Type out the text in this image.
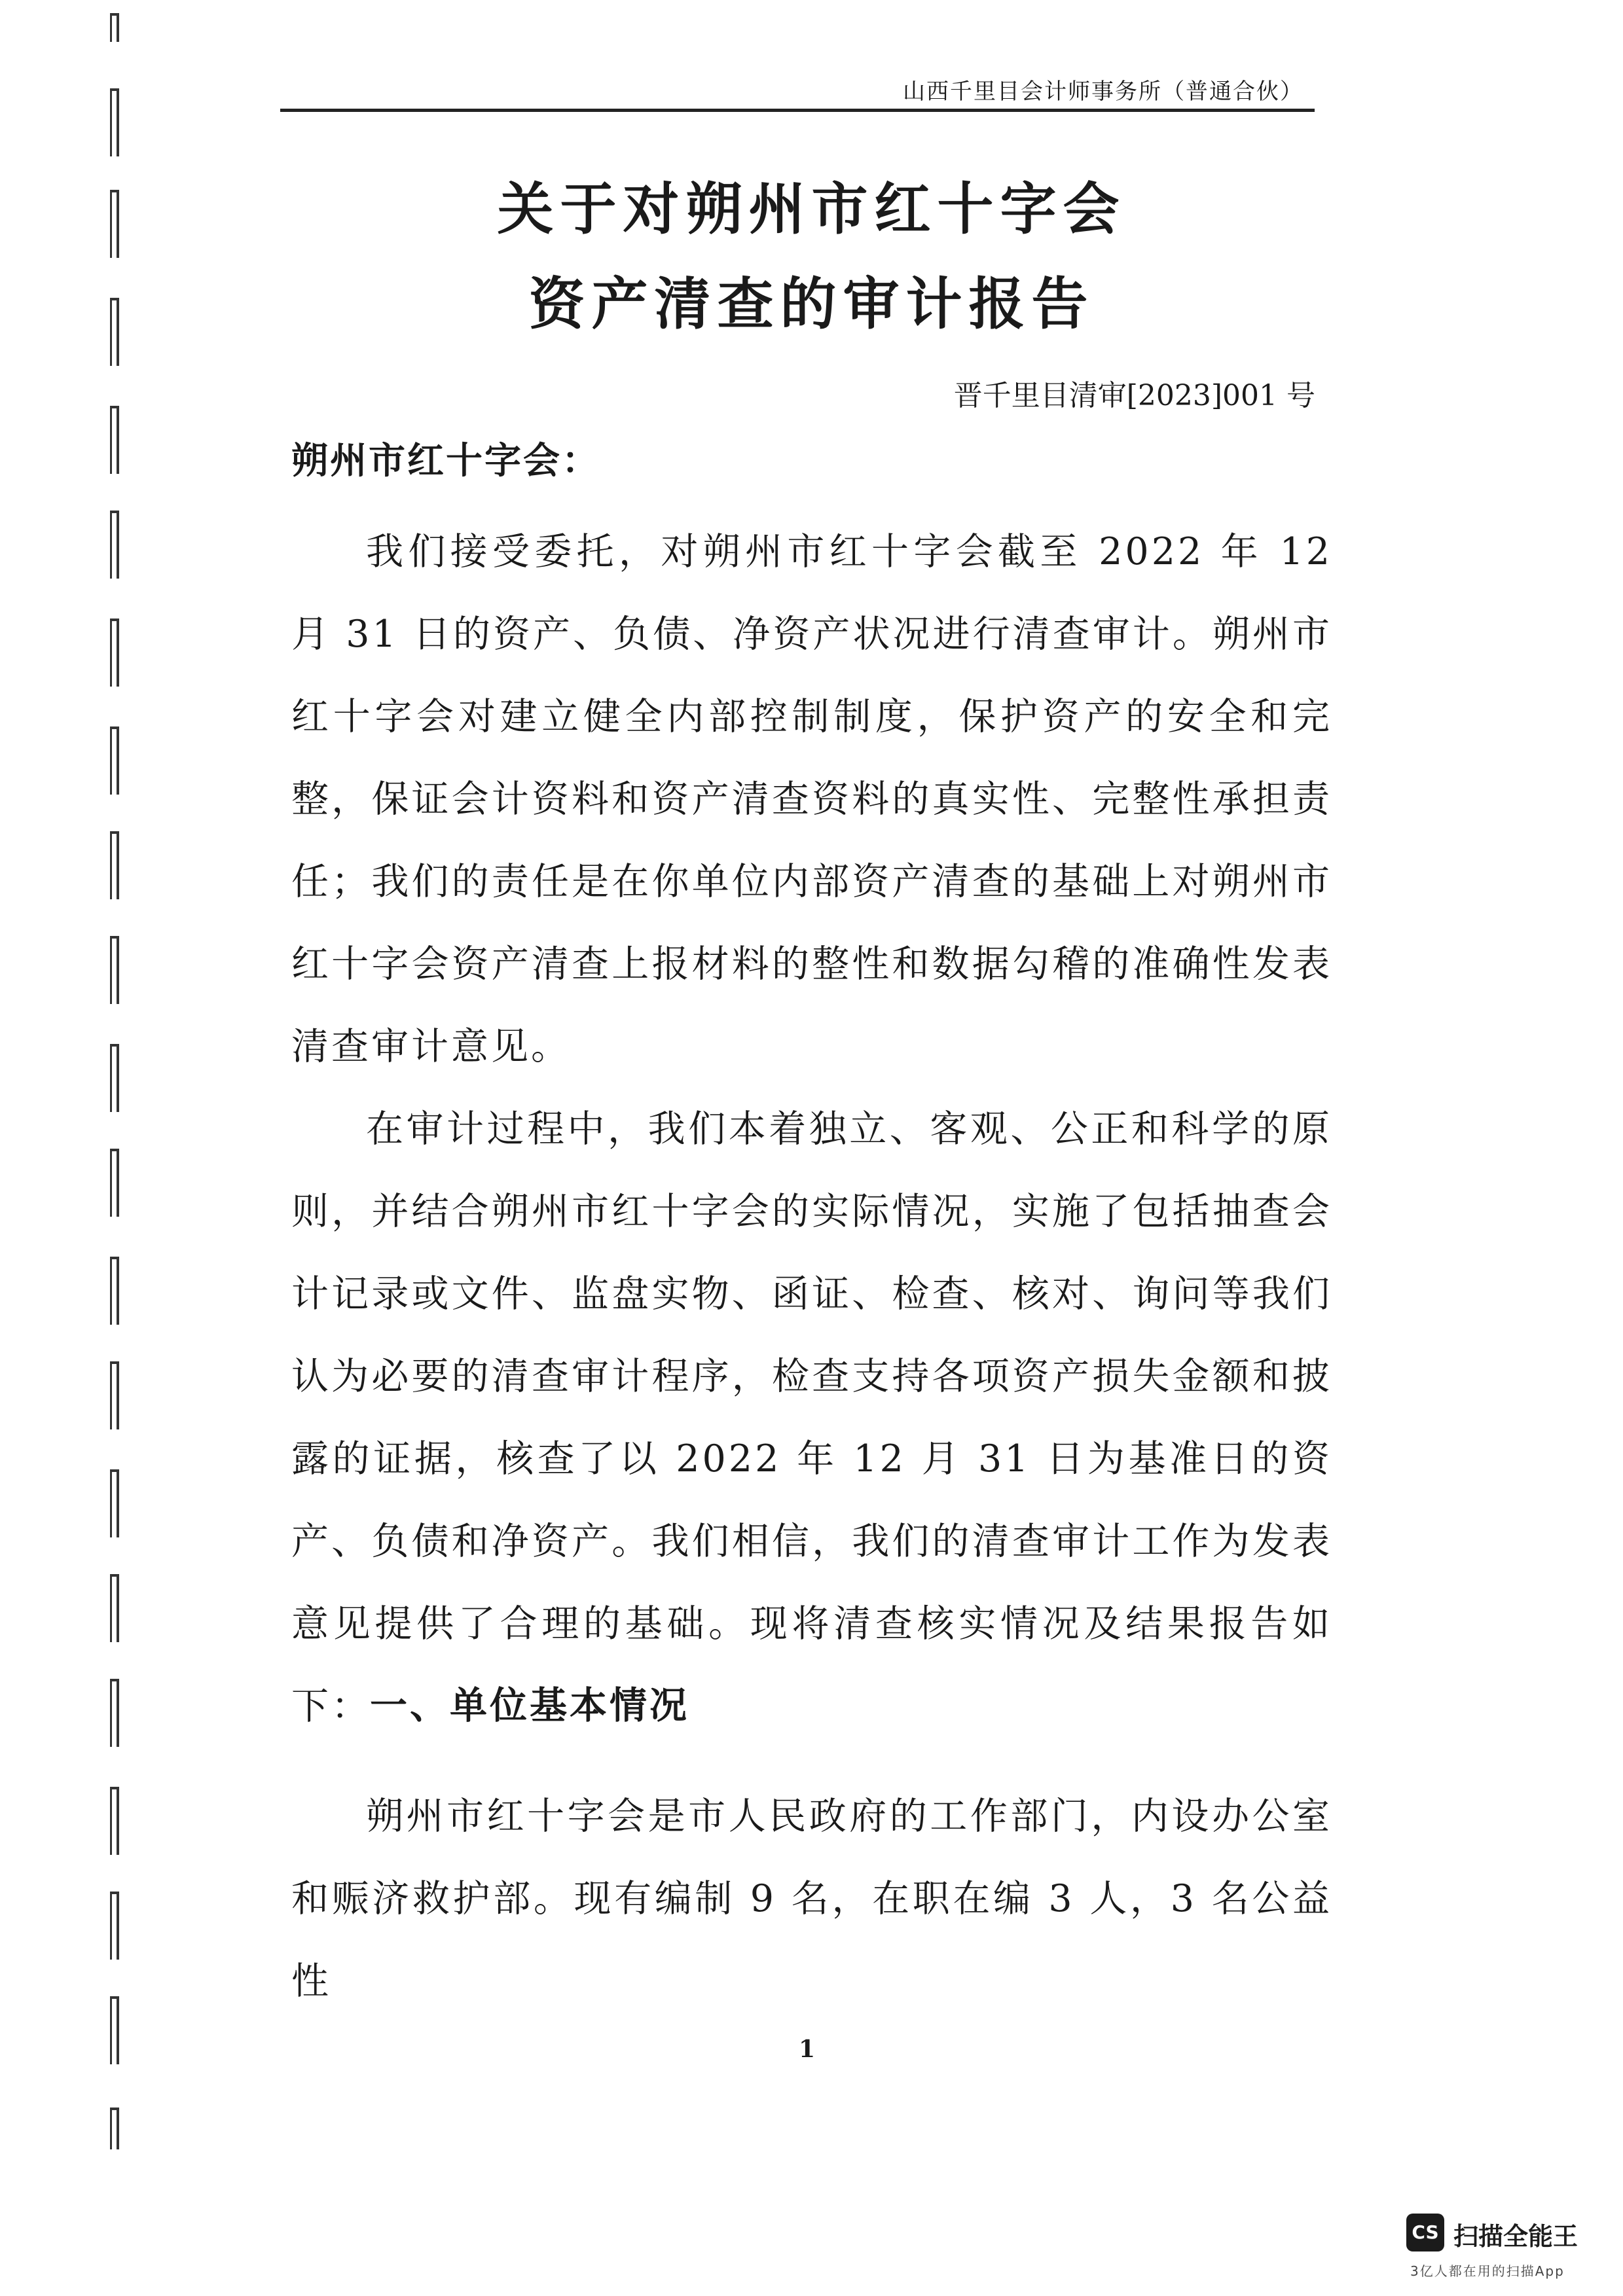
山西千里目会计师事务所（普通合伙）
关于对朔州市红十字会
资产清查的审计报告
晋千里目清审[2023]001 号
朔州市红十字会：

我们接受委托，对朔州市红十字会截至 2022 年 12 月 31 日的资产、负债、净资产状况进行清查审计。朔州市红十字会对建立健全内部控制制度，保护资产的安全和完整，保证会计资料和资产清查资料的真实性、完整性承担责任；我们的责任是在你单位内部资产清查的基础上对朔州市红十字会资产清查上报材料的整性和数据勾稽的准确性发表清查审计意见。

在审计过程中，我们本着独立、客观、公正和科学的原则，并结合朔州市红十字会的实际情况，实施了包括抽查会计记录或文件、监盘实物、函证、检查、核对、询问等我们认为必要的清查审计程序，检查支持各项资产损失金额和披露的证据，核查了以 2022 年 12 月 31 日为基准日的资产、负债和净资产。我们相信，我们的清查审计工作为发表意见提供了合理的基础。现将清查核实情况及结果报告如下：

一、单位基本情况

朔州市红十字会是市人民政府的工作部门，内设办公室和赈济救护部。现有编制 9 名，在职在编 3 人，3 名公益性

1
CS 扫描全能王
3亿人都在用的扫描App
